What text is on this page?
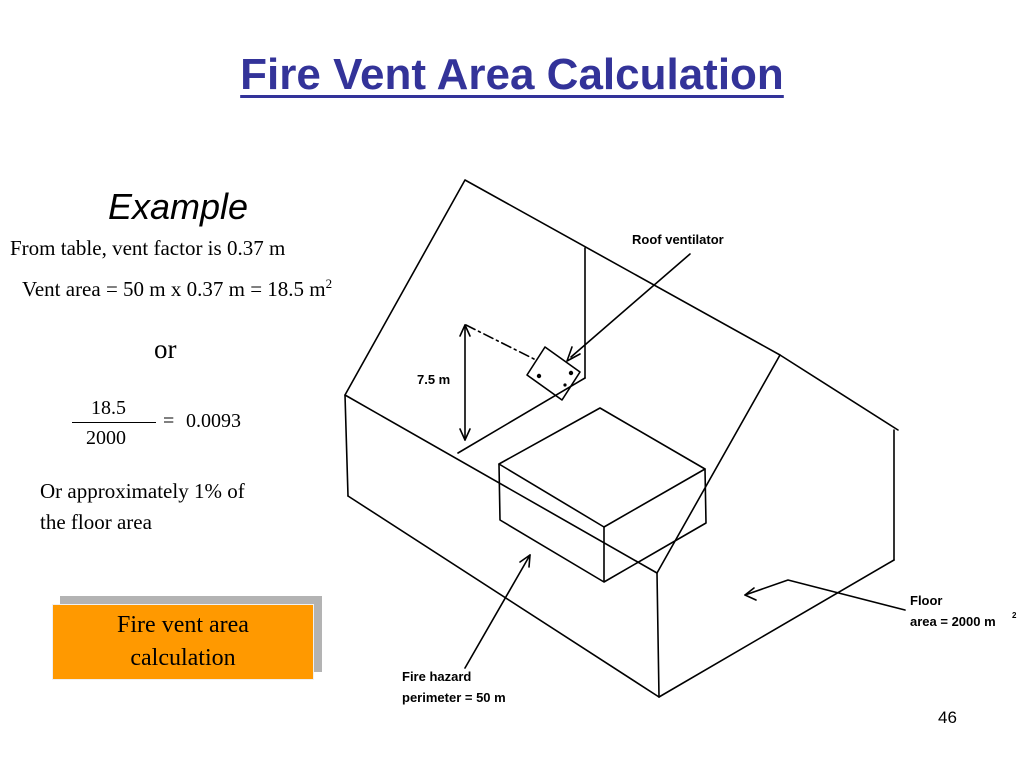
Fire Vent Area Calculation
Example
From table, vent factor is 0.37 m
Vent area = 50 m x 0.37 m = 18.5 $m^2$
or
18.5
2000
= 0.0093
Or approximately 1% of
the floor area
Fire vent area
calculation
46
Roof ventilator
7.5 m
Floor
area = 2000 m 2
Fire hazard
perimeter = 50 m
